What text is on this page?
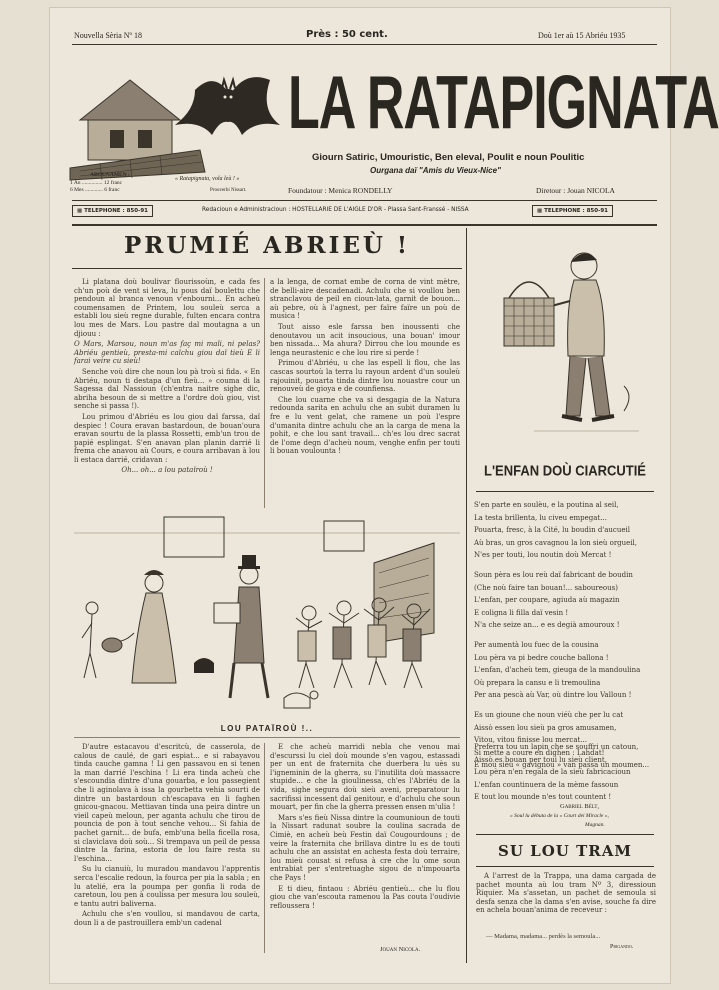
Nouvella Sèria Nº 18	Près : 50 cent.	Doù 1er aù 15 Abriéu 1935
LA RATAPIGNATA
Giourn Satiric, Umouristic, Ben eleval, Poulit e noun Poulitic
Ourgana daï "Amis du Vieux-Nice"
ABOUNAMEN :
1 An ............... 12 franc
6 Mes ............. 6 franc
« Ratapignata, vola leù ! »
Prouverbi Nissart.	Foundatour : Menica RONDELLY	Diretour : Jouan NICOLA
▦ TELEPHONE : 850-91	Redacioun e Administracioun : HOSTELLARIE DE L'AIGLE D'OR - Plassa Sant-Franssé - NISSA
▦	TELEPHONE : 850-91
PRUMIÉ ABRIEÙ !

Li platana doù boulivar flourissoùn, e cada fes ch'un poù de vent si leva, lu pous daï boulettu che pendoun al branca venoun v'enbourni... En acheù coumensamen de Printem, lou souleù serca a establi lou sieù regne durable, fulten encara contra lou mes de Mars. Lou pastre dal moutagna a un djiouu :

O Mars, Marsou, noun m'as faç mi mali, ni pelas? Abriéu gentieù, presta-mi calchu giou daï tieù E li farai veire cu sieù!

Senche voù dire che noun lou pà troù si fida. « En Abriéu, noun ti destapa d'un fieù... » couma di la Sagessa dal Nassioun (ch'entra naitre sighe dic, abriha besoun de si mettre a l'ordre doù giou, vist senche si passa !).

Lou primou d'Abriéu es lou giou daï farssa, daï despiec ! Coura eravan bastardoun, de bouan'oura eravan sourtu de la plassa Rossetti, emb'un trou de papié esplingat. S'en anavan plan planin darrié li frema che anavou aù Cours, e coura arribavan à lou li estaca darrié, cridavan :

Oh... oh... a lou pataïroù !

a la lenga, de cornat embe de corna de vint mètre, de belli-aire descadenadi. Achulu che si voullou ben stranclavou de peil en cioun-lata, garnit de bouon... aù pebre, où à l'agnest, per faïre faïre un poù de musica !

Tout aisso esle farssa ben inoussenti che denoutavou un acit insoucious, una bouan' imour ben nissada... Ma ahura? Dirrou che lou mounde es lenga neurastenic e che lou rire si perde !

Primou d'Abriéu, u che las espell li flou, che las cascas sourtoù la terra lu rayoun ardent d'un souleù rajouinit, pouarta tinda dintre lou nouastre cour un renouveù de gioya e de counfiensa.

Che lou cuarne che va si desgagia de la Natura redounda sarita en achulu che an subit duramen lu fre e lu vent gelat, che ramene un poù l'espre d'umanita dintre achulu che an la carga de mena la pohit, e che lou sant travail... ch'es lou drec sacrat de l'ome degn d'acheù noum, venghe enfin per touti li bouan voulounta !

LOU PATAÏROÙ !..

D'autre estacavou d'escritcù, de casserola, de calous de caulé, de gari espiat... e si rabayavou tinda cauche gamna ! Li gen passavou en si tenen la man darrié l'eschina ! Li era tinda acheù che s'escoundia dintre d'una gouarba, e lou passegient che li aginolava à issa la gourbetta vehia sourti de dintre un bastardoun ch'escapava en li faghen gnicou-gnacou. Mettiavan tinda una peira dintre un vieil capeù meloun, per aganta achulu che tirou de pouncia de pon à tout senche vehou... Si fahia de pachet garnit... de bufa, emb'una bella ficella rosa, si claviclava doù soù... Si trempava un peil de pessa dintre la farina, estoria de lou faire resta su l'eschina...

Su lu cianuiù, lu muradou mandavou l'apprentis serca l'escalie redoun, la fourca per pia la sabla ; en lu atelié, era la poumpa per gonfia li roda de caretoun, lou pen à coulissa per mesura lou souleù, e tantu autri baliverna.

Achulu che s'en voullou, si mandavou de carta, doun li a de pastrouillera emb'un cadenal

E che acheù marridi nebla che venou mai d'escurssi lu ciel doù mounde s'en vagou, estassadi per un ent de fraternita che duerbera lu uès su l'igneminin de la gherra, su l'inutilita doù massacre stupide... e che la gioulinessa, ch'es l'Abriéu de la vida, sighe segura doù sieù aveni, preparatour lu sacrifissi incessent daï genitour, e d'achulu che soun mouart, per fin che la gherra pressen ensen m'ulia !

Mars s'es fieù Nissa dintre la coumunioun de touti la Nissart radunat soubre la coulina sacrada de Cimiè, en acheù beù Festin daï Cougourdouns ; de veire la fraternita che brillava dintre lu es de touti achulu che an assistat en achesta festa doù terraire, lou mieù cousat si refusa à cre che lu ome soun entrabiat per s'entretuaghe sigou de n'impouarta che Pays !

E ti dieu, fintaou : Abriéu gentieù... che lu flou giou che van'escouta ramenou la Pas couta l'oudivie refloussera !

Jouan Nicola.
L'ENFAN DOÙ CIARCUTIÉ
S'en parte en soulèu, e la poutina al seil,
La testa brillenta, lu civeu empegat...
Pouarta, fresc, à la Cité, lu boudin d'aucueil
Aù bras, un gros cavagnou la lon sieù orgueil,
N'es per touti, lou noutin doù Mercat !
Soun pèra es lou reù daï fabricant de boudin
(Che noù faire tan bouan!... saboureous)
L'enfan, per coupare, agiuda aù magazin
E coligna li filla daï vesin !
N'a che seize an... e es degià amouroux !
Per aumentà lou fuec de la cousina
Lou pèra va pi bedre couche ballona !
L'enfan, d'acheù tem, gieuga de la mandoulina
Où prepara la cansu e li tremoulina
Per ana pescà aù Var, où dintre lou Valloun !
Es un gioune che noun viéù che per lu cat
Aissò essen lou sieù pa gros amusamen,
Vitou, vitou finisse lou mercat...
Si mette a coure en dighen : Lahdat!
E moù sieù « gavignou » van passa un moumen...
Preferra tou un lapin che se souffri un catoun,
Aissò es bouan per toui lu sieù client,
Lou pèra n'en regala de la sieù fabricacioun
L'enfan countinuera de la mème fassoun
E tout lou mounde n'es tout countent !
Gabriel Bélt,
« Soul lu débuta de la « Court dei Miracle »,
Magnan.
SU LOU TRAM

A l'arrest de la Trappa, una dama cargada de pachet mounta aù lou tram Nº 3, diressioun Riquier. Ma s'assetan, un pachet de semoula si desfa senza che la dama s'en avise, souche fa dire en achela bouan'anima de receveur :

— Madama, madama... perdès la semoula...
Prigando.
